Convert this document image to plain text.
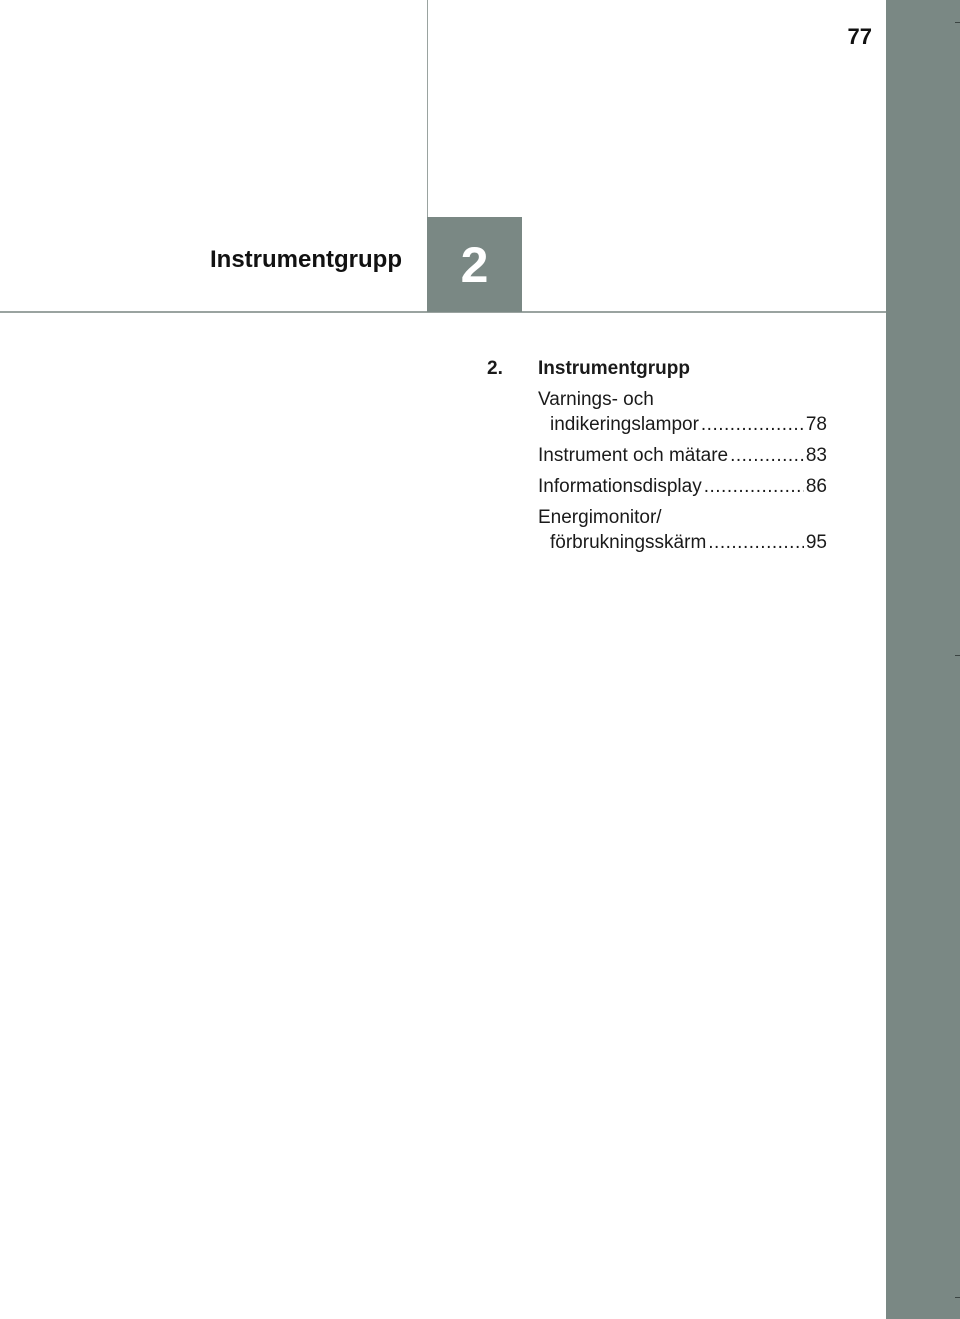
77
Instrumentgrupp 2
2.	Instrumentgrupp
Varnings- och
indikeringslampor .....	78
Instrument och mätare .....	83
Informationsdisplay .....	86
Energimonitor/
förbrukningsskärm .....	95
